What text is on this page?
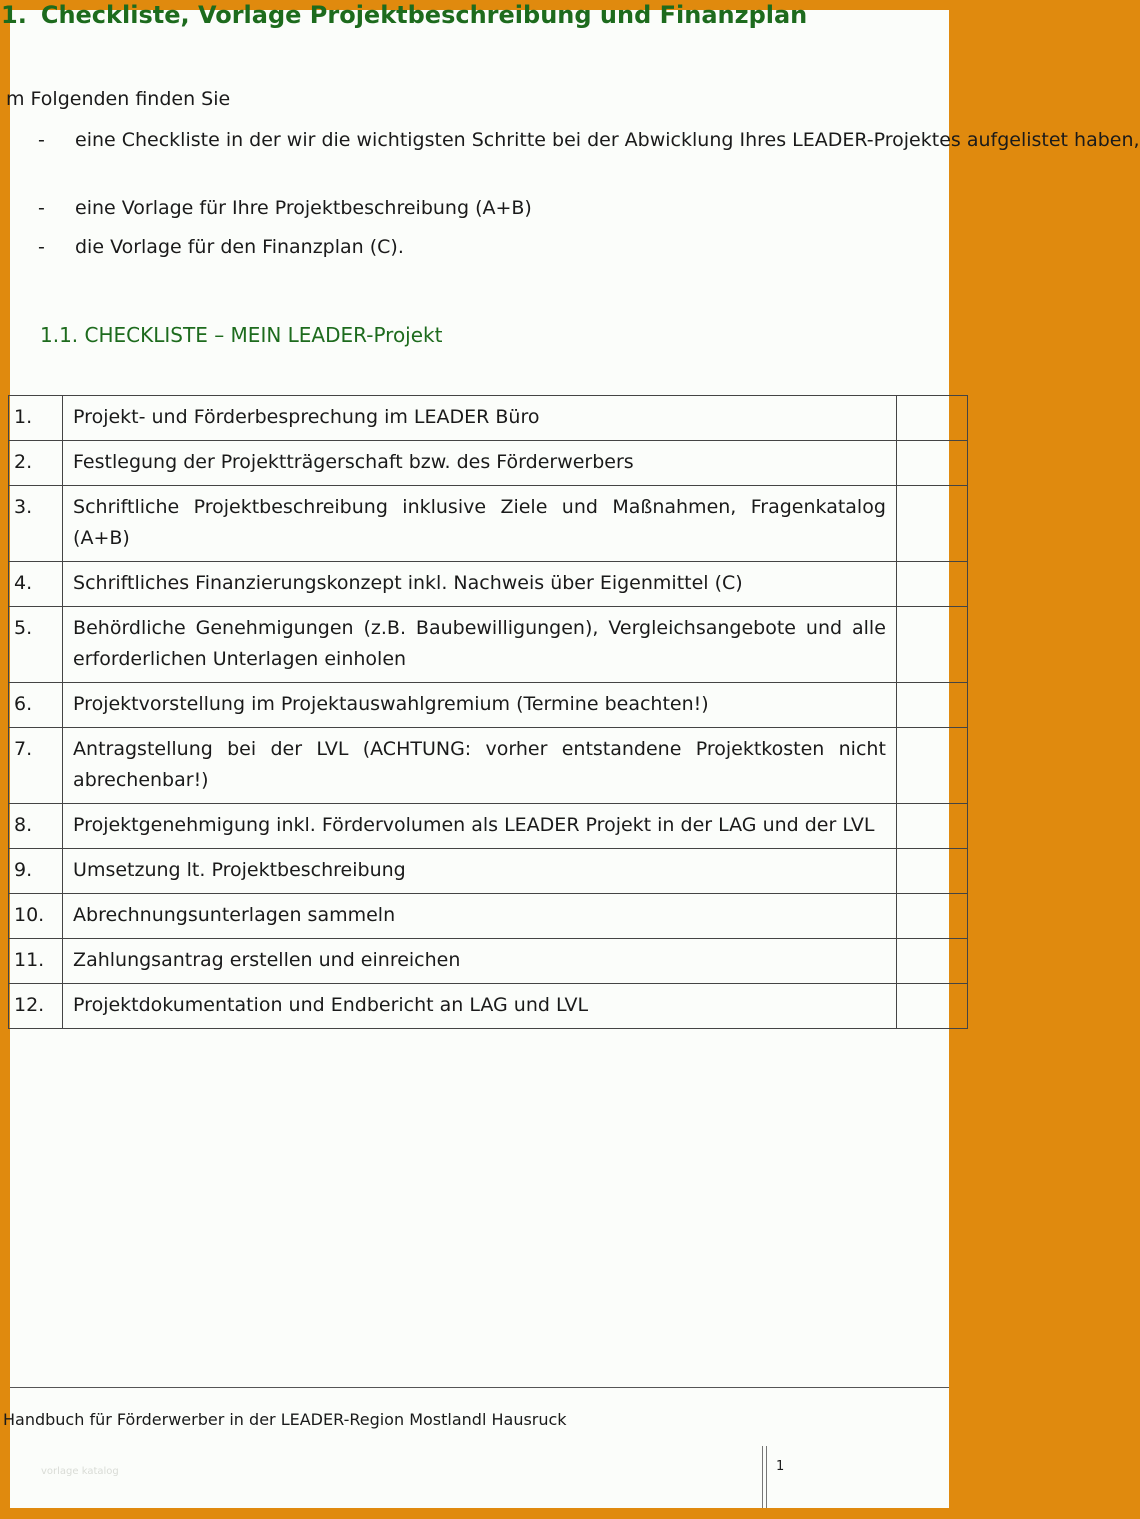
1. Checkliste, Vorlage Projektbeschreibung und Finanzplan

m Folgenden finden Sie

- eine Checkliste in der wir die wichtigsten Schritte bei der Abwicklung Ihres LEADER-Projektes aufgelistet haben,
- eine Vorlage für Ihre Projektbeschreibung (A+B)
- die Vorlage für den Finanzplan (C).
1.1. CHECKLISTE – MEIN LEADER-Projekt
1.	Projekt- und Förderbesprechung im LEADER Büro	
2.	Festlegung der Projektträgerschaft bzw. des Förderwerbers	
3.	Schriftliche Projektbeschreibung inklusive Ziele und Maßnahmen, Fragenkatalog (A+B)	
4.	Schriftliches Finanzierungskonzept inkl. Nachweis über Eigenmittel (C)	
5.	Behördliche Genehmigungen (z.B. Baubewilligungen), Vergleichsangebote und alle erforderlichen Unterlagen einholen	
6.	Projektvorstellung im Projektauswahlgremium (Termine beachten!)	
7.	Antragstellung bei der LVL (ACHTUNG: vorher entstandene Projektkosten nicht abrechenbar!)	
8.	Projektgenehmigung inkl. Fördervolumen als LEADER Projekt in der LAG und der LVL	
9.	Umsetzung lt. Projektbeschreibung	
10.	Abrechnungsunterlagen sammeln	
11.	Zahlungsantrag erstellen und einreichen	
12.	Projektdokumentation und Endbericht an LAG und LVL	

Handbuch für Förderwerber in der LEADER-Region Mostlandl Hausruck

vorlage katalog	1
